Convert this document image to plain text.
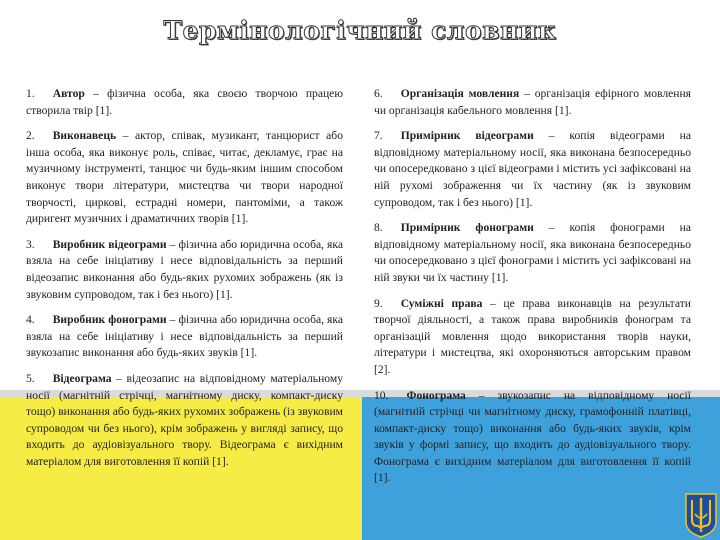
Термінологічний словник

1. Автор – фізична особа, яка своєю творчою працею створила твір [1].

2. Виконавець – актор, співак, музикант, танцюрист або інша особа, яка виконує роль, співає, читає, декламує, грає на музичному інструменті, танцює чи будь-яким іншим способом виконує твори літератури, мистецтва чи твори народної творчості, циркові, естрадні номери, пантоміми, а також диригент музичних і драматичних творів [1].

3. Виробник відеограми – фізична або юридична особа, яка взяла на себе ініціативу і несе відповідальність за перший відеозапис виконання або будь-яких рухомих зображень (як із звуковим супроводом, так і без нього) [1].

4. Виробник фонограми – фізична або юридична особа, яка взяла на себе ініціативу і несе відповідальність за перший звукозапис виконання або будь-яких звуків [1].

5. Відеограма – відеозапис на відповідному матеріальному носії (магнітній стрічці, магнітному диску, компакт-диску тощо) виконання або будь-яких рухомих зображень (із звуковим супроводом чи без нього), крім зображень у вигляді запису, що входить до аудіовізуального твору. Відеограма є вихідним матеріалом для виготовлення її копій [1].

6. Організація мовлення – організація ефірного мовлення чи організація кабельного мовлення [1].

7. Примірник відеограми – копія відеограми на відповідному матеріальному носії, яка виконана безпосередньо чи опосередковано з цієї відеограми і містить усі зафіксовані на ній рухомі зображення чи їх частину (як із звуковим супроводом, так і без нього) [1].

8. Примірник фонограми – копія фонограми на відповідному матеріальному носії, яка виконана безпосередньо чи опосередковано з цієї фонограми і містить усі зафіксовані на ній звуки чи їх частину [1].

9. Суміжні права – це права виконавців на результати творчої діяльності, а також права виробників фонограм та організацій мовлення щодо використання творів науки, літератури і мистецтва, які охороняються авторським правом [2].

10. Фонограма – звукозапис на відповідному носії (магнітній стрічці чи магнітному диску, грамофонній платівці, компакт-диску тощо) виконання або будь-яких звуків, крім звуків у формі запису, що входить до аудіовізуального твору. Фонограма є вихідним матеріалом для виготовлення її копій [1].
